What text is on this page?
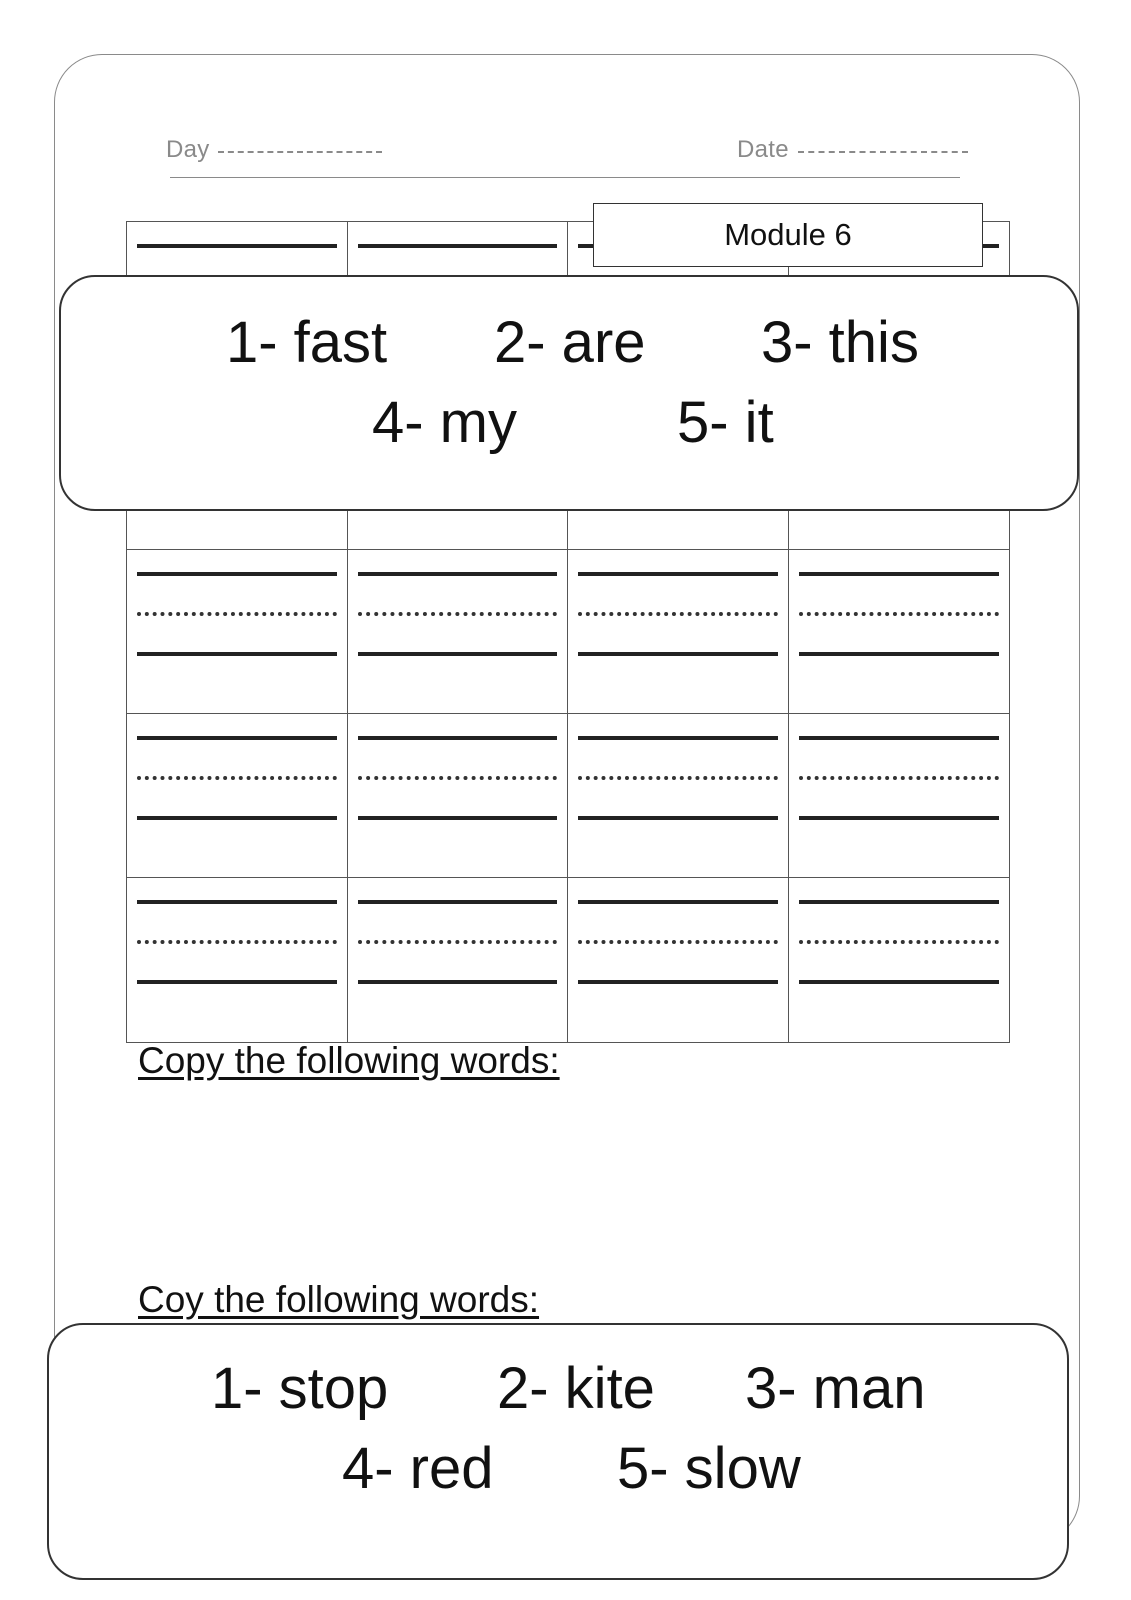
Day	Date
Module 6
1- fast 2- are 3- this
4- my	5- it
Copy the following words:
Coy the following words:
1- stop 2- kite 3- man
4- red 5- slow
